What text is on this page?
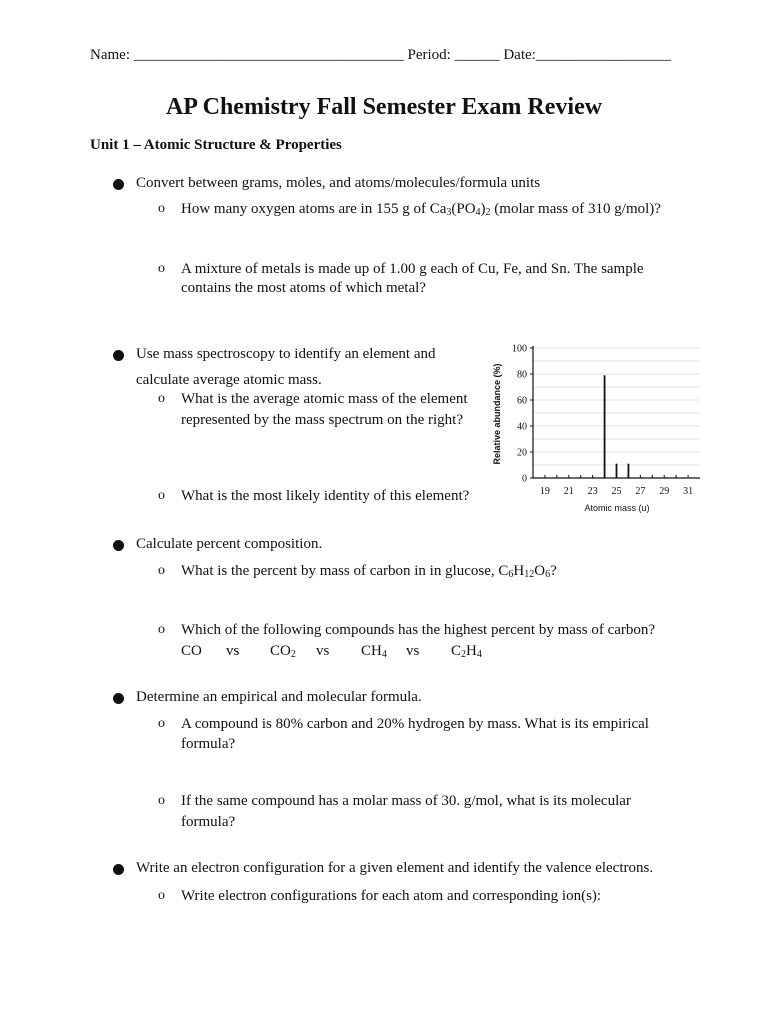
Name: ____________________________________ Period: ______ Date:__________________
AP Chemistry Fall Semester Exam Review
Unit 1 – Atomic Structure & Properties
Convert between grams, moles, and atoms/molecules/formula units
o How many oxygen atoms are in 155 g of $Ca_3(PO_4)_2$ (molar mass of 310 g/mol)?
o A mixture of metals is made up of 1.00 g each of Cu, Fe, and Sn. The sample
contains the most atoms of which metal?
Use mass spectroscopy to identify an element and
calculate average atomic mass.
o What is the average atomic mass of the element
represented by the mass spectrum on the right?
o What is the most likely identity of this element?
0
20
40
60
80
100
19 21 23 25 27 29 31
Atomic mass (u)
Relative abundance (%)
Calculate percent composition.
o What is the percent by mass of carbon in in glucose, $C_6H_{12}O_6$?
o Which of the following compounds has the highest percent by mass of carbon?
CO vs $CO_2$ vs $CH_4$ vs $C_2H_4$
Determine an empirical and molecular formula.
o A compound is 80% carbon and 20% hydrogen by mass. What is its empirical
formula?
o If the same compound has a molar mass of 30. g/mol, what is its molecular
formula?
Write an electron configuration for a given element and identify the valence electrons.
o Write electron configurations for each atom and corresponding ion(s):
